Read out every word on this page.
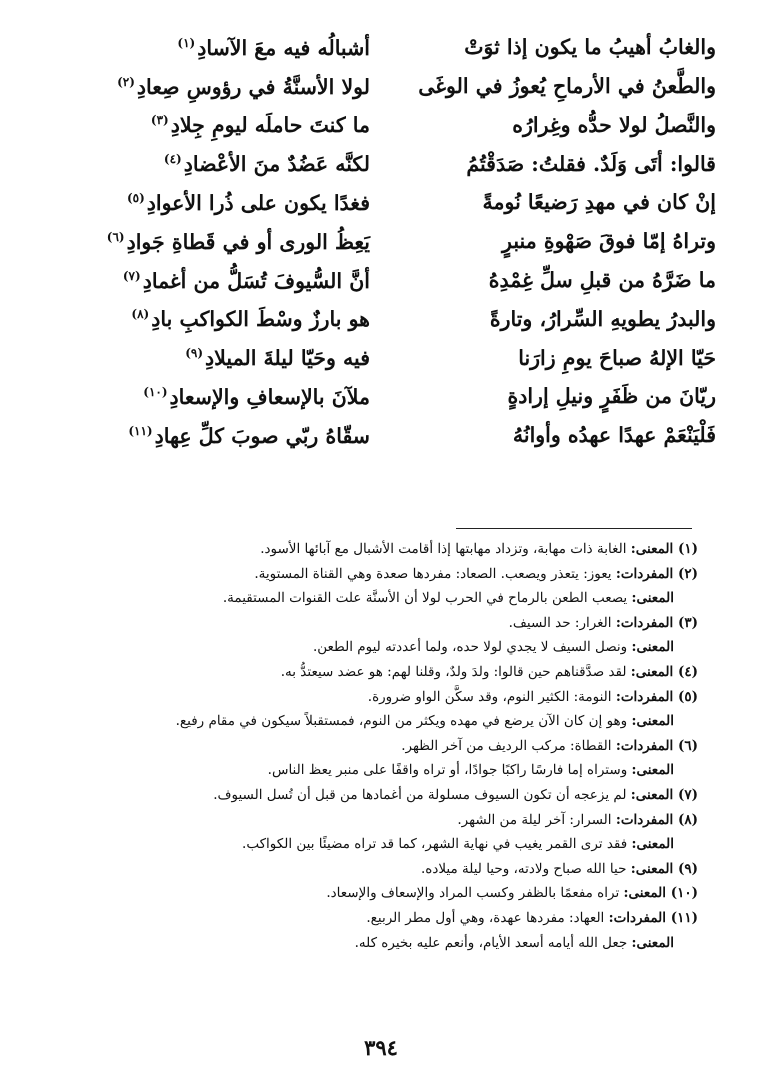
والغابُ أهيبُ ما يكون إذا ثوَتْ
أشبالُه فيه معَ الآسادِ$^{(١)}$
والطَّعنُ في الأرماحِ يُعوزُ في الوغَى
لولا الأسنَّةُ في رؤوسِ صِعادِ$^{(٢)}$
والنَّصلُ لولا حدُّه وغِرارُه
ما كنتَ حاملَه ليومِ جِلادِ$^{(٣)}$
قالوا: أتَى وَلَدٌ. فقلتُ: صَدَقْتُمُ
لكنَّه عَضُدٌ منَ الأعْضادِ$^{(٤)}$
إنْ كان في مهدِ رَضيعًا نُومةً
فغدًا يكون على ذُرا الأعوادِ$^{(٥)}$
وتراهُ إمّا فوقَ صَهْوةِ منبرٍ
يَعِظُ الورى أو في قَطاةِ جَوادِ$^{(٦)}$
ما ضَرَّهُ من قبلِ سلِّ غِمْدِهُ
أنَّ السُّيوفَ تُسَلُّ من أغمادِ$^{(٧)}$
والبدرُ يطويهِ السِّرارُ، وتارةً
هو بارزٌ وسْطَ الكواكبِ بادِ$^{(٨)}$
حَيّا الإلهُ صباحَ يومِ زارَنا
فيه وحَيّا ليلةَ الميلادِ$^{(٩)}$
ريّانَ من ظَفَرٍ ونيلِ إرادةٍ
ملآنَ بالإسعافِ والإسعادِ$^{(١٠)}$
فَلْيَنْعَمْ عهدًا عهدُه وأوانُهُ
سقّاهُ ربّي صوبَ كلِّ عِهادِ$^{(١١)}$
(١) المعنى: الغابة ذات مهابة، وتزداد مهابتها إذا أقامت الأشبال مع آبائها الأسود.
(٢) المفردات: يعوز: يتعذر ويصعب. الصعاد: مفردها صعدة وهي القناة المستوية.
المعنى: يصعب الطعن بالرماح في الحرب لولا أن الأسنَّة علت القنوات المستقيمة.
(٣) المفردات: الغرار: حد السيف.
المعنى: ونصل السيف لا يجدي لولا حده، ولما أعددته ليوم الطعن.
(٤) المعنى: لقد صدَّقناهم حين قالوا: ولدَ ولدٌ، وقلنا لهم: هو عضد سيعتدُّ به.
(٥) المفردات: النومة: الكثير النوم، وقد سكَّن الواو ضرورة.
المعنى: وهو إن كان الآن يرضع في مهده ويكثر من النوم، فمستقبلاً سيكون في مقام رفيع.
(٦) المفردات: القطاة: مركب الرديف من آخر الظهر.
المعنى: وستراه إما فارسًا راكبًا جوادًا، أو تراه واقفًا على منبر يعظ الناس.
(٧) المعنى: لم يزعجه أن تكون السيوف مسلولة من أغمادها من قبل أن تُسل السيوف.
(٨) المفردات: السرار: آخر ليلة من الشهر.
المعنى: فقد ترى القمر يغيب في نهاية الشهر، كما قد تراه مضيئًا بين الكواكب.
(٩) المعنى: حيا الله صباح ولادته، وحيا ليلة ميلاده.
(١٠) المعنى: تراه مفعمًا بالظفر وكسب المراد والإسعاف والإسعاد.
(١١) المفردات: العهاد: مفردها عهدة، وهي أول مطر الربيع.
المعنى: جعل الله أيامه أسعد الأيام، وأنعم عليه بخيره كله.
٣٩٤
